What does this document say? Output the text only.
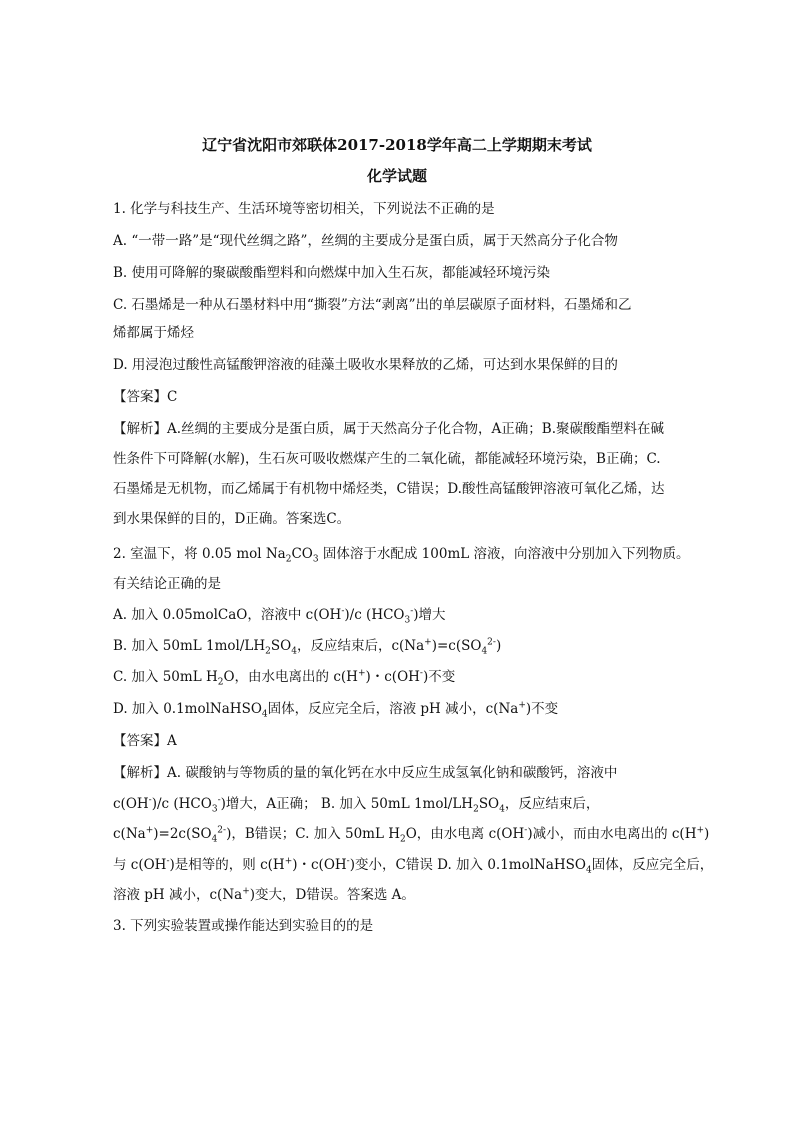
辽宁省沈阳市郊联体2017-2018学年高二上学期期末考试
化学试题
1. 化学与科技生产、生活环境等密切相关，下列说法不正确的是
A. “一带一路”是“现代丝绸之路”，丝绸的主要成分是蛋白质，属于天然高分子化合物
B. 使用可降解的聚碳酸酯塑料和向燃煤中加入生石灰，都能减轻环境污染
C. 石墨烯是一种从石墨材料中用“撕裂”方法“剥离”出的单层碳原子面材料，石墨烯和乙
烯都属于烯烃
D. 用浸泡过酸性高锰酸钾溶液的硅藻土吸收水果释放的乙烯，可达到水果保鲜的目的
【答案】C
【解析】A.丝绸的主要成分是蛋白质，属于天然高分子化合物，A正确；B.聚碳酸酯塑料在碱
性条件下可降解(水解)，生石灰可吸收燃煤产生的二氧化硫，都能减轻环境污染，B正确；C.
石墨烯是无机物，而乙烯属于有机物中烯烃类，C错误；D.酸性高锰酸钾溶液可氧化乙烯，达
到水果保鲜的目的，D正确。答案选C。
2. 室温下，将 0.05 mol $Na_2CO_3$ 固体溶于水配成 100mL 溶液，向溶液中分别加入下列物质。
有关结论正确的是
A. 加入 0.05molCaO，溶液中 c(OH-)/c $(HCO_3^-)$增大
B. 加入 50mL $1mol/LH_2SO_4$，反应结束后，$c(Na^+)=c(SO_4^{2-})$
C. 加入 50mL $H_2O$，由水电离出的 c(H+)・c(OH-)不变
D. 加入 0.1molNaHSO$_4$固体，反应完全后，溶液 pH 减小，c(Na+)不变
【答案】A
【解析】A. 碳酸钠与等物质的量的氧化钙在水中反应生成氢氧化钠和碳酸钙，溶液中
c(OH-)/c $(HCO_3^-)$增大，A正确； B. 加入 50mL $1mol/LH_2SO_4$，反应结束后，
$c(Na^+)=2c(SO_4^{2-})$，B错误；C. 加入 50mL $H_2O$，由水电离 c(OH-)减小，而由水电离出的 c(H+)
与 c(OH-)是相等的，则 c(H+)・c(OH-)变小，C错误 D. 加入 0.1molNaHSO$_4$固体，反应完全后，
溶液 pH 减小，c(Na+)变大，D错误。答案选 A。
3. 下列实验装置或操作能达到实验目的的是
